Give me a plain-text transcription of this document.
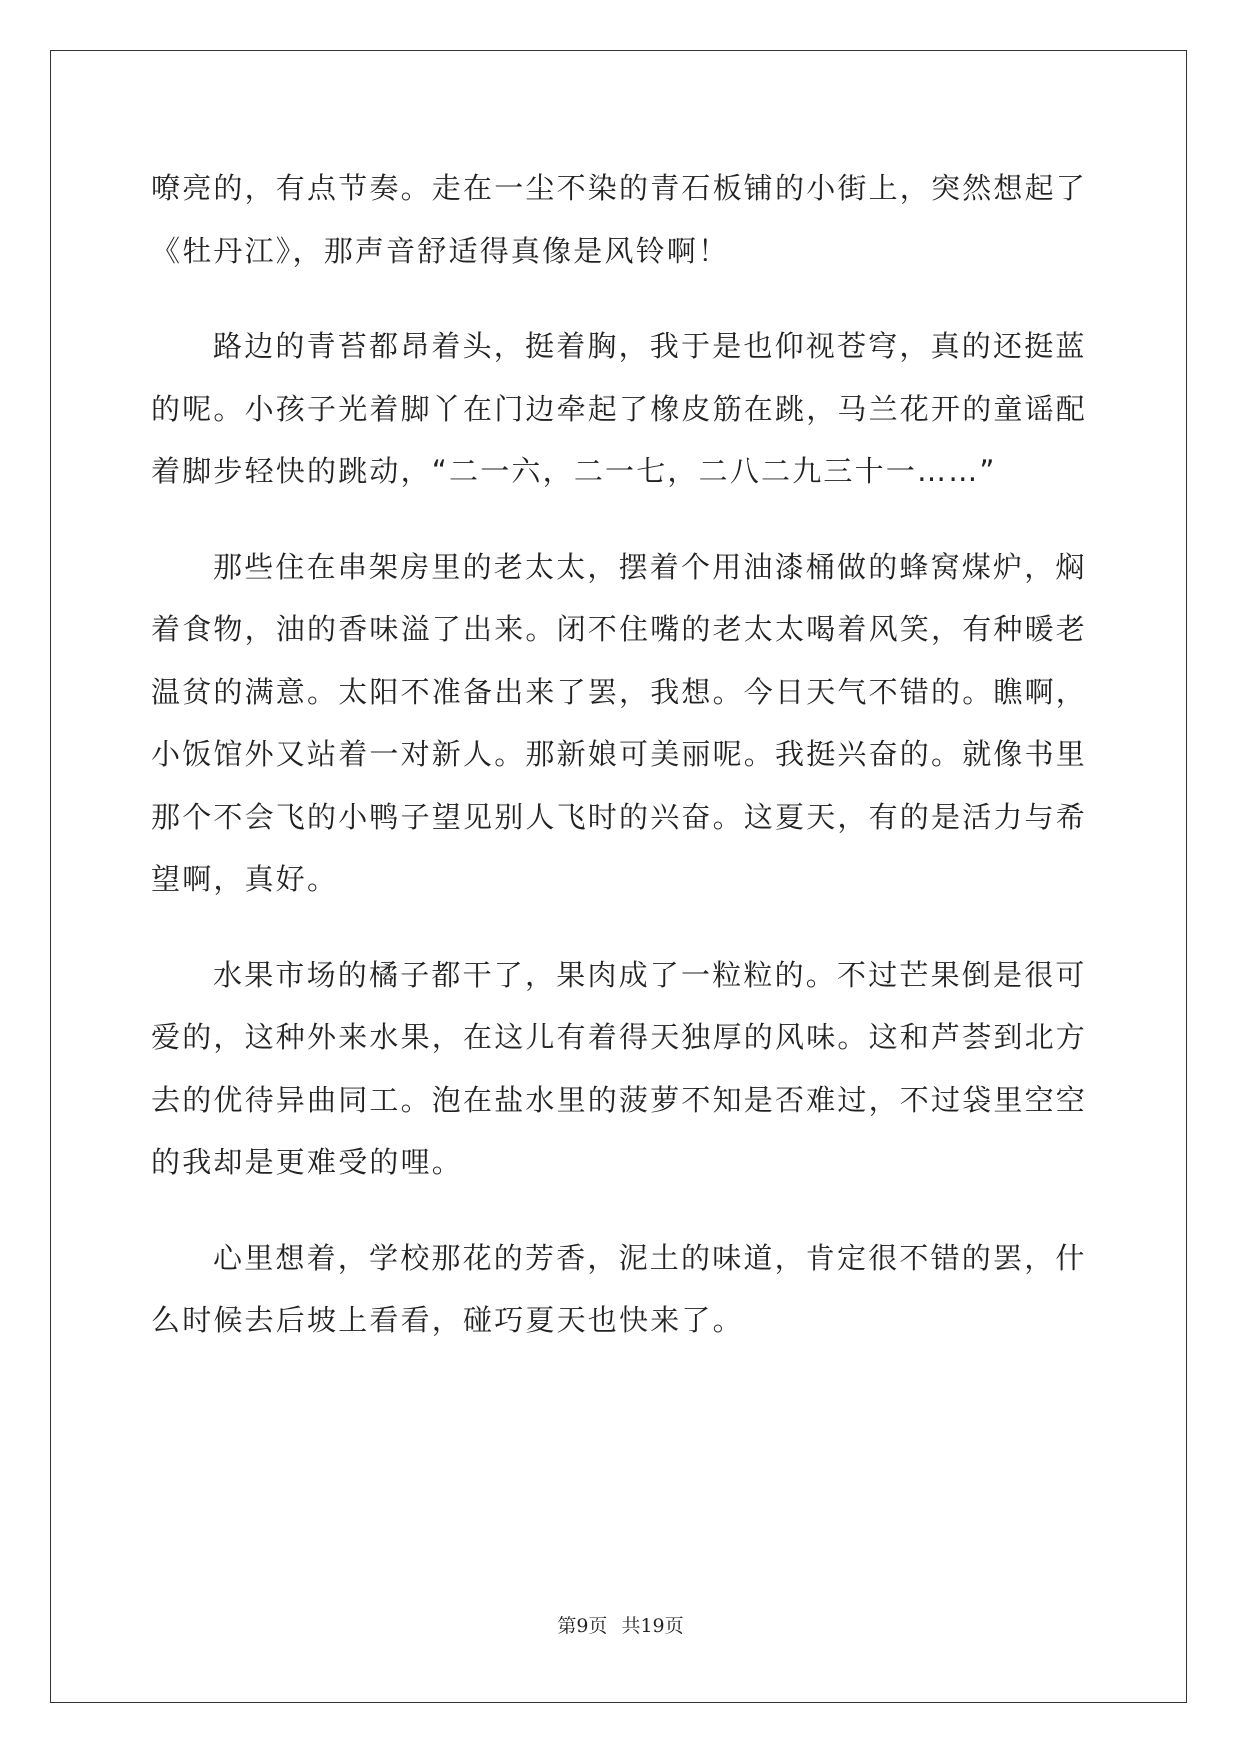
嘹亮的，有点节奏。走在一尘不染的青石板铺的小街上，突然想起了
《牡丹江》，那声音舒适得真像是风铃啊！
路边的青苔都昂着头，挺着胸，我于是也仰视苍穹，真的还挺蓝
的呢。小孩子光着脚丫在门边牵起了橡皮筋在跳，马兰花开的童谣配
着脚步轻快的跳动，“二一六，二一七，二八二九三十一……”
那些住在串架房里的老太太，摆着个用油漆桶做的蜂窝煤炉，焖
着食物，油的香味溢了出来。闭不住嘴的老太太喝着风笑，有种暖老
温贫的满意。太阳不准备出来了罢，我想。今日天气不错的。瞧啊，
小饭馆外又站着一对新人。那新娘可美丽呢。我挺兴奋的。就像书里
那个不会飞的小鸭子望见别人飞时的兴奋。这夏天，有的是活力与希
望啊，真好。
水果市场的橘子都干了，果肉成了一粒粒的。不过芒果倒是很可
爱的，这种外来水果，在这儿有着得天独厚的风味。这和芦荟到北方
去的优待异曲同工。泡在盐水里的菠萝不知是否难过，不过袋里空空
的我却是更难受的哩。
心里想着，学校那花的芳香，泥土的味道，肯定很不错的罢，什
么时候去后坡上看看，碰巧夏天也快来了。
第9页 共19页
